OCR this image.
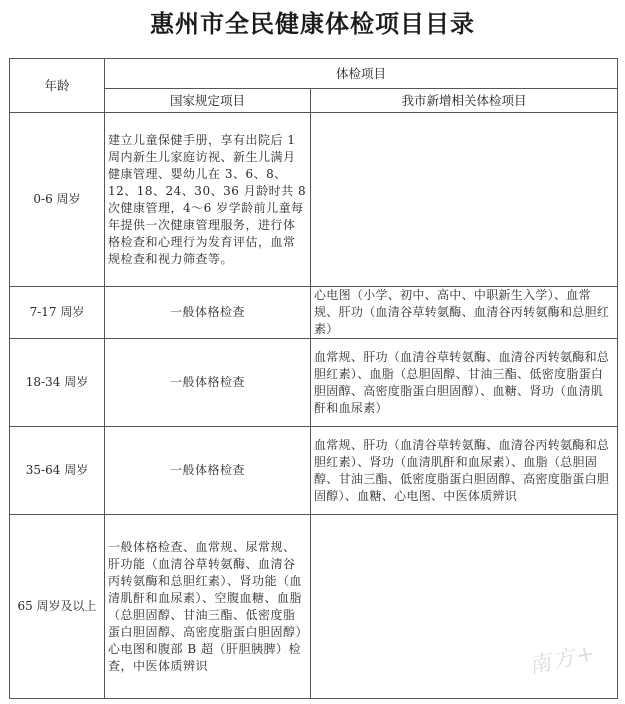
惠州市全民健康体检项目目录
年龄	体检项目	
	国家规定项目	我市新增相关体检项目
0-6 周岁	建立儿童保健手册，享有出院后 1 周内新生儿家庭访视、新生儿满月健康管理、婴幼儿在 3、6、8、12、18、24、30、36 月龄时共 8 次健康管理，4～6 岁学龄前儿童每年提供一次健康管理服务，进行体格检查和心理行为发育评估，血常规检查和视力筛查等。	
7-17 周岁	一般体格检查	心电图（小学、初中、高中、中职新生入学）、血常规、肝功（血清谷草转氨酶、血清谷丙转氨酶和总胆红素）
18-34 周岁	一般体格检查	血常规、肝功（血清谷草转氨酶、血清谷丙转氨酶和总胆红素）、血脂（总胆固醇、甘油三酯、低密度脂蛋白胆固醇、高密度脂蛋白胆固醇）、血糖、肾功（血清肌酐和血尿素）
35-64 周岁	一般体格检查	血常规、肝功（血清谷草转氨酶、血清谷丙转氨酶和总胆红素）、肾功（血清肌酐和血尿素）、血脂（总胆固醇、甘油三酯、低密度脂蛋白胆固醇、高密度脂蛋白胆固醇）、血糖、心电图、中医体质辨识
65 周岁及以上	一般体格检查、血常规、尿常规、肝功能（血清谷草转氨酶、血清谷丙转氨酶和总胆红素）、肾功能（血清肌酐和血尿素）、空腹血糖、血脂（总胆固醇、甘油三酯、低密度脂蛋白胆固醇、高密度脂蛋白胆固醇）心电图和腹部 B 超（肝胆胰脾）检查，中医体质辨识		南方+
